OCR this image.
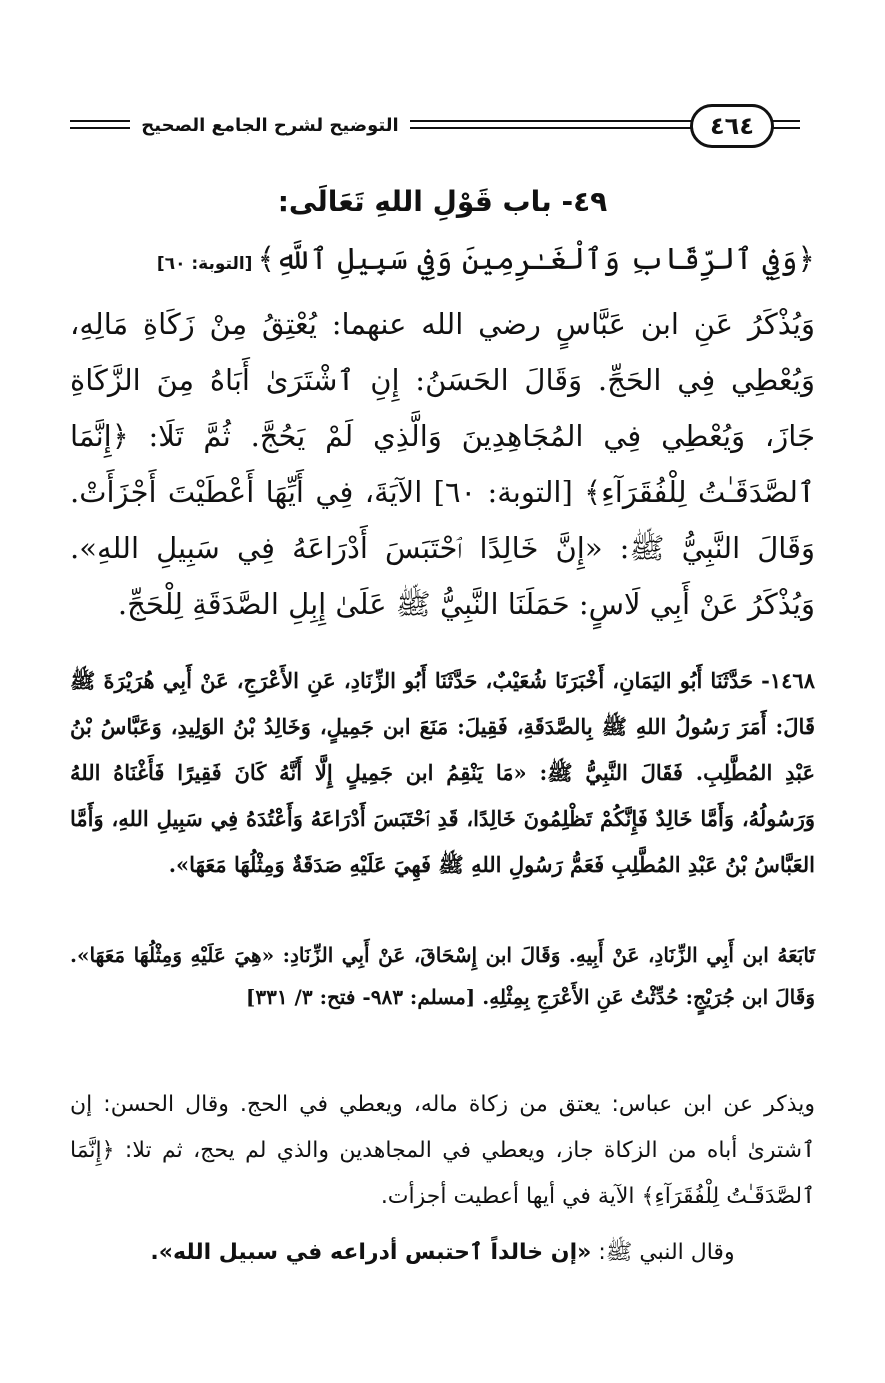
التوضيح لشرح الجامع الصحيح	٤٦٤
٤٩- باب قَوْلِ اللهِ تَعَالَى:
﴿وَفِي ٱلرِّقَابِ وَٱلْغَـٰرِمِينَ وَفِي سَبِيلِ ٱللَّهِ﴾ [التوبة: ٦٠]
وَيُذْكَرُ عَنِ ابن عَبَّاسٍ رضي الله عنهما: يُعْتِقُ مِنْ زَكَاةِ مَالِهِ، وَيُعْطِي فِي الحَجِّ. وَقَالَ الحَسَنُ: إِنِ ٱشْتَرَىٰ أَبَاهُ مِنَ الزَّكَاةِ جَازَ، وَيُعْطِي فِي المُجَاهِدِينَ وَالَّذِي لَمْ يَحُجَّ. ثُمَّ تَلَا: ﴿إِنَّمَا ٱلصَّدَقَـٰتُ لِلْفُقَرَآءِ﴾ [التوبة: ٦٠] الآيَةَ، فِي أَيِّهَا أَعْطَيْتَ أَجْزَأَتْ. وَقَالَ النَّبِيُّ ﷺ: «إِنَّ خَالِدًا ٱحْتَبَسَ أَدْرَاعَهُ فِي سَبِيلِ اللهِ». وَيُذْكَرُ عَنْ أَبِي لَاسٍ: حَمَلَنَا النَّبِيُّ ﷺ عَلَىٰ إِبِلِ الصَّدَقَةِ لِلْحَجِّ.
١٤٦٨- حَدَّثَنَا أَبُو اليَمَانِ، أَخْبَرَنَا شُعَيْبٌ، حَدَّثَنَا أَبُو الزِّنَادِ، عَنِ الأَعْرَجِ، عَنْ أَبِي هُرَيْرَةَ ﷺ قَالَ: أَمَرَ رَسُولُ اللهِ ﷺ بِالصَّدَقَةِ، فَقِيلَ: مَنَعَ ابن جَمِيلٍ، وَخَالِدُ بْنُ الوَلِيدِ، وَعَبَّاسُ بْنُ عَبْدِ المُطَّلِبِ. فَقَالَ النَّبِيُّ ﷺ: «مَا يَنْقِمُ ابن جَمِيلٍ إِلَّا أَنَّهُ كَانَ فَقِيرًا فَأَغْنَاهُ اللهُ وَرَسُولُهُ، وَأَمَّا خَالِدٌ فَإِنَّكُمْ تَظْلِمُونَ خَالِدًا، قَدِ ٱحْتَبَسَ أَدْرَاعَهُ وَأَعْتُدَهُ فِي سَبِيلِ اللهِ، وَأَمَّا العَبَّاسُ بْنُ عَبْدِ المُطَّلِبِ فَعَمُّ رَسُولِ اللهِ ﷺ فَهِيَ عَلَيْهِ صَدَقَةٌ وَمِثْلُهَا مَعَهَا».
تَابَعَهُ ابن أَبِي الزِّنَادِ، عَنْ أَبِيهِ. وَقَالَ ابن إِسْحَاقَ، عَنْ أَبِي الزِّنَادِ: «هِيَ عَلَيْهِ وَمِثْلُهَا مَعَهَا». وَقَالَ ابن جُرَيْجٍ: حُدِّثْتُ عَنِ الأَعْرَجِ بِمِثْلِهِ. [مسلم: ٩٨٣- فتح: ٣/ ٣٣١]
ويذكر عن ابن عباس: يعتق من زكاة ماله، ويعطي في الحج. وقال الحسن: إن ٱشترىٰ أباه من الزكاة جاز، ويعطي في المجاهدين والذي لم يحج، ثم تلا: ﴿إِنَّمَا ٱلصَّدَقَـٰتُ لِلْفُقَرَآءِ﴾ الآية في أيها أعطيت أجزأت.
وقال النبي ﷺ: «إن خالداً ٱحتبس أدراعه في سبيل الله».
